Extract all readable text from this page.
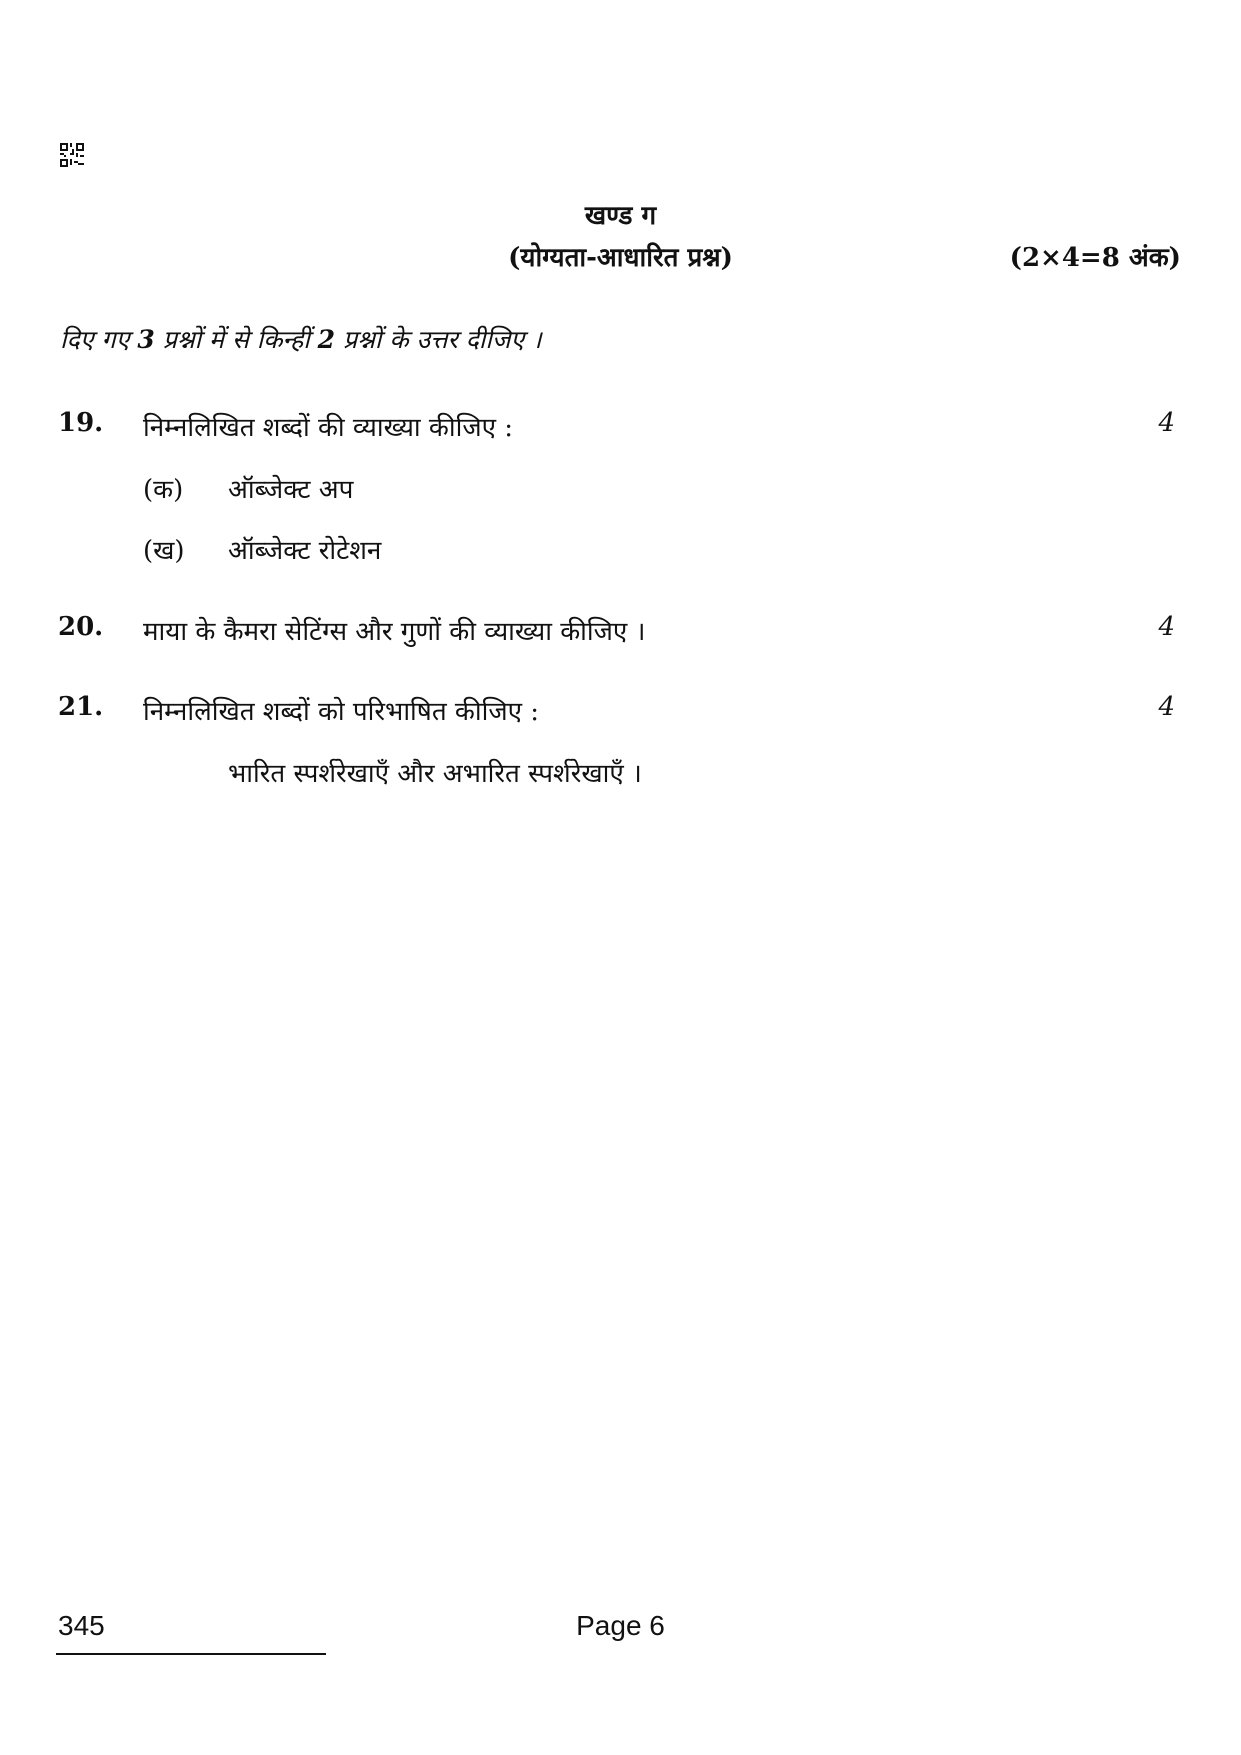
खण्ड ग
(योग्यता-आधारित प्रश्न)	(2×4=8 अंक)
दिए गए 3 प्रश्नों में से किन्हीं 2 प्रश्नों के उत्तर दीजिए ।
19. निम्नलिखित शब्दों की व्याख्या कीजिए :	4
(क) ऑब्जेक्ट अप
(ख) ऑब्जेक्ट रोटेशन
20. माया के कैमरा सेटिंग्स और गुणों की व्याख्या कीजिए ।	4
21. निम्नलिखित शब्दों को परिभाषित कीजिए :	4
भारित स्पर्शरेखाएँ और अभारित स्पर्शरेखाएँ ।
345	Page 6
